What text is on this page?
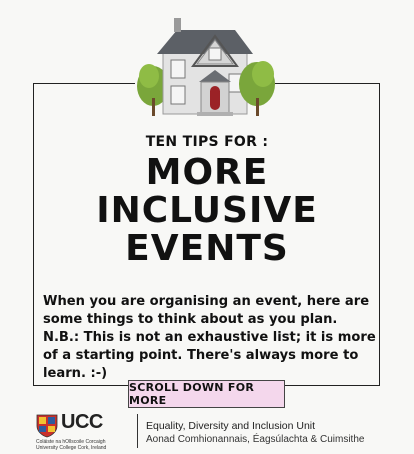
TEN TIPS FOR :
MORE
INCLUSIVE
EVENTS

When you are organising an event, here are some things to think about as you plan.

N.B.: This is not an exhaustive list; it is more of a starting point. There's always more to learn. :-)

SCROLL DOWN FOR MORE
UCC
Coláiste na hOllscoile Corcaigh
University College Cork, Ireland
Equality, Diversity and Inclusion Unit
Aonad Comhionannais, Éagsúlachta & Cuimsithe
